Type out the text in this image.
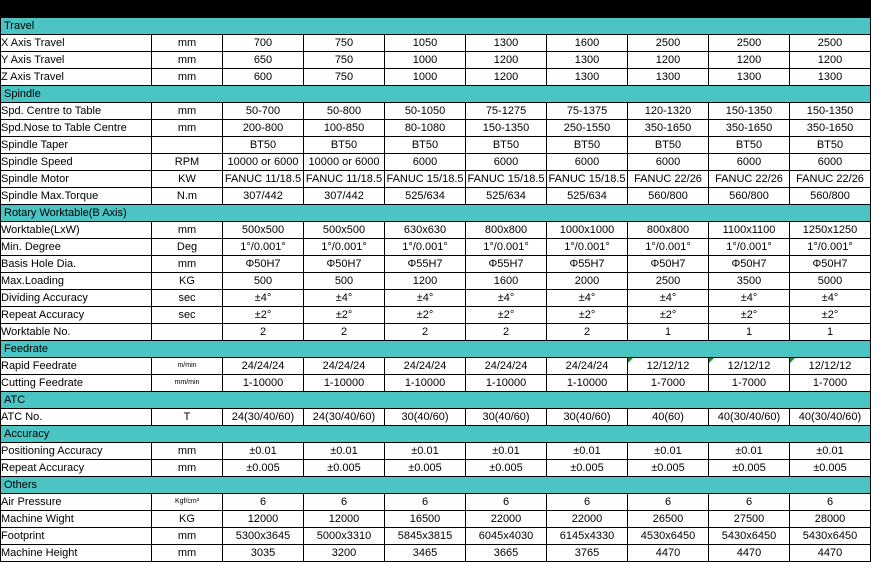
Item	Unit	MHMC50A	MHMC50B	MHMC63	MHMC80	MHMC100	MHMC80T	MHMC110T	MHMC1250T
Travel									
X Axis Travel	mm	700	750	1050	1300	1600	2500	2500	2500
Y Axis Travel	mm	650	750	1000	1200	1300	1200	1200	1200
Z Axis Travel	mm	600	750	1000	1200	1300	1300	1300	1300
Spindle									
Spd. Centre to Table	mm	50-700	50-800	50-1050	75-1275	75-1375	120-1320	150-1350	150-1350
Spd.Nose to Table Centre	mm	200-800	100-850	80-1080	150-1350	250-1550	350-1650	350-1650	350-1650
Spindle Taper		BT50	BT50	BT50	BT50	BT50	BT50	BT50	BT50
Spindle Speed	RPM	10000 or 6000	10000 or 6000	6000	6000	6000	6000	6000	6000
Spindle Motor	KW	FANUC 11/18.5	FANUC 11/18.5	FANUC 15/18.5	FANUC 15/18.5	FANUC 15/18.5	FANUC 22/26	FANUC 22/26	FANUC 22/26
Spindle Max.Torque	N.m	307/442	307/442	525/634	525/634	525/634	560/800	560/800	560/800
Rotary Worktable(B Axis)									
Worktable(LxW)	mm	500x500	500x500	630x630	800x800	1000x1000	800x800	1100x1100	1250x1250
Min. Degree	Deg	1°/0.001°	1°/0.001°	1°/0.001°	1°/0.001°	1°/0.001°	1°/0.001°	1°/0.001°	1°/0.001°
Basis Hole Dia.	mm	Φ50H7	Φ50H7	Φ55H7	Φ55H7	Φ55H7	Φ50H7	Φ50H7	Φ50H7
Max.Loading	KG	500	500	1200	1600	2000	2500	3500	5000
Dividing Accuracy	sec	±4°	±4°	±4°	±4°	±4°	±4°	±4°	±4°
Repeat Accuracy	sec	±2°	±2°	±2°	±2°	±2°	±2°	±2°	±2°
Worktable No.		2	2	2	2	2	1	1	1
Feedrate									
Rapid Feedrate	m/min	24/24/24	24/24/24	24/24/24	24/24/24	24/24/24	12/12/12	12/12/12	12/12/12
Cutting Feedrate	mm/min	1-10000	1-10000	1-10000	1-10000	1-10000	1-7000	1-7000	1-7000
ATC									
ATC No.	T	24(30/40/60)	24(30/40/60)	30(40/60)	30(40/60)	30(40/60)	40(60)	40(30/40/60)	40(30/40/60)
Accuracy									
Positioning Accuracy	mm	±0.01	±0.01	±0.01	±0.01	±0.01	±0.01	±0.01	±0.01
Repeat Accuracy	mm	±0.005	±0.005	±0.005	±0.005	±0.005	±0.005	±0.005	±0.005
Others									
Air Pressure	Kgf/cm²	6	6	6	6	6	6	6	6
Machine Wight	KG	12000	12000	16500	22000	22000	26500	27500	28000
Footprint	mm	5300x3645	5000x3310	5845x3815	6045x4030	6145x4330	4530x6450	5430x6450	5430x6450
Machine Height	mm	3035	3200	3465	3665	3765	4470	4470	4470
